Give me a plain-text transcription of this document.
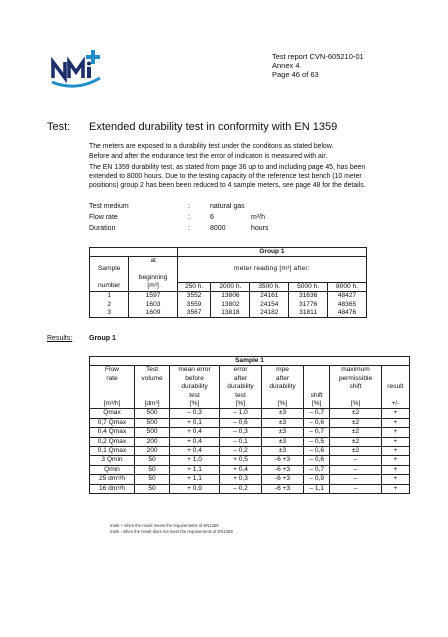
Test report CVN-605210-01
Annex 4
Page 46 of 63
Test: Extended durability test in conformity with EN 1359
The meters are exposed to a durability test under the conditons as stated below.
Before and after the endurance test the error of indicaton is measured with air.
The EN 1359 durability test, as stated from page 36 up to and including page 45, has been
extended to 8000 hours. Due to the testing capacity of the reference test bench (10 meter
positions) group 2 has been been reduced to 4 sample meters, see page 48 for the details.
Test medium	:	natural gas
Flow rate	:	6	m³/h
Duration	:	8000	hours
		Group 1				
Sample	at	meter reading [m³] after:				
	beginning					
number	[m³]	250 h.	2000 h.	3500 h.	5000 h.	8000 h.
1	1597	3552	13806	24161	31636	48427
2	1603	3559	13802	24154	31776	48365
3	1609	3567	13818	24182	31811	48476
Results: Group 1
Sample 1							
Flow	Test	mean error	error	mpe		maximum	
rate	volume	before	after	after		permissible	
		durability	durability	durability		shift	result
		test	test		shift		
[m³/h]	[dm³]	[%]	[%]	[%]	[%]	[%]	+/-
Qmax	500	– 0,3	– 1,0	±3	– 0,7	±2	+
0,7 Qmax	500	+ 0,1	– 0,6	±3	– 0,6	±2	+
0,4 Qmax	500	+ 0,4	– 0,3	±3	– 0,7	±2	+
0,2 Qmax	200	+ 0,4	– 0,1	±3	– 0,5	±2	+
0,1 Qmax	200	+ 0,4	– 0,2	±3	– 0,6	±2	+
3 Qmin	50	+ 1,0	+ 0,5	-6 +3	– 0,6	–	+
Qmin	50	+ 1,1	+ 0,4	-6 +3	– 0,7	–	+
25 dm³/h	50	+ 1,1	+ 0,3	-6 +3	– 0,9	–	+
16 dm³/h	50	+ 0,9	– 0,2	-6 +3	– 1,1	–	+
mark + when the result meets the requirements of EN1359
mark - when the result does not meet the requirements of EN1359
